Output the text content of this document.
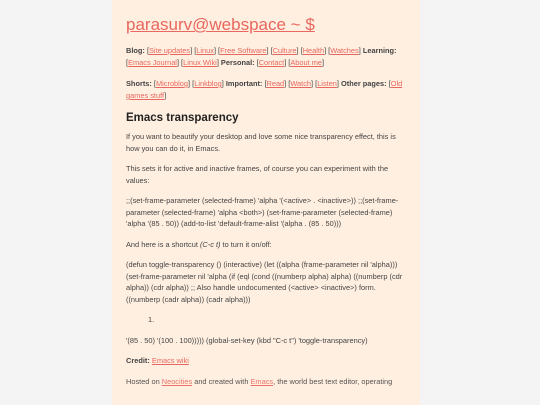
parasurv@webspace ~ $
Blog: [Site updates] [Linux] [Free Software] [Culture] [Health] [Watches] Learning: [Emacs Journal] [Linux Wiki] Personal: [Contact] [About me]
Shorts: [Microblog] [Linkblog] Important: [Read] [Watch] [Listen] Other pages: [Old games stuff]
Emacs transparency

If you want to beautify your desktop and love some nice transparency effect, this is how you can do it, in Emacs.

This sets it for active and inactive frames, of course you can experiment with the values:

;;(set-frame-parameter (selected-frame) 'alpha '(<active> . <inactive>)) ;;(set-frame-parameter (selected-frame) 'alpha <both>) (set-frame-parameter (selected-frame) 'alpha '(85 . 50)) (add-to-list 'default-frame-alist '(alpha . (85 . 50)))

And here is a shortcut (C-c t) to turn it on/off:

(defun toggle-transparency () (interactive) (let ((alpha (frame-parameter nil 'alpha))) (set-frame-parameter nil 'alpha (if (eql (cond ((numberp alpha) alpha) ((numberp (cdr alpha)) (cdr alpha)) ;; Also handle undocumented (<active> <inactive>) form. ((numberp (cadr alpha)) (cadr alpha)))

1.

'(85 . 50) '(100 . 100))))) (global-set-key (kbd "C-c t") 'toggle-transparency)

Credit: Emacs wiki

Hosted on Neocities and created with Emacs, the world best text editor, operating
